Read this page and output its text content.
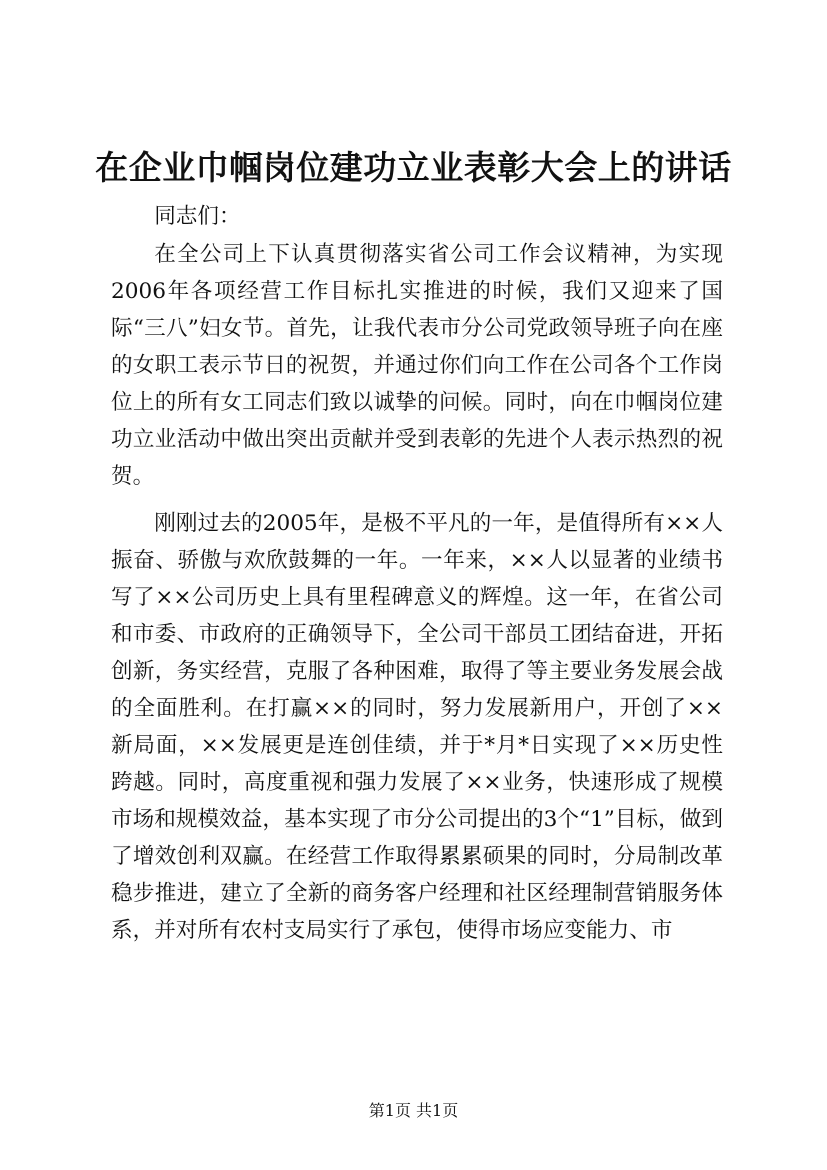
在企业巾帼岗位建功立业表彰大会上的讲话

同志们：

在全公司上下认真贯彻落实省公司工作会议精神，为实现2006年各项经营工作目标扎实推进的时候，我们又迎来了国际“三八”妇女节。首先，让我代表市分公司党政领导班子向在座的女职工表示节日的祝贺，并通过你们向工作在公司各个工作岗位上的所有女工同志们致以诚挚的问候。同时，向在巾帼岗位建功立业活动中做出突出贡献并受到表彰的先进个人表示热烈的祝贺。

刚刚过去的2005年，是极不平凡的一年，是值得所有××人振奋、骄傲与欢欣鼓舞的一年。一年来，××人以显著的业绩书写了××公司历史上具有里程碑意义的辉煌。这一年，在省公司和市委、市政府的正确领导下，全公司干部员工团结奋进，开拓创新，务实经营，克服了各种困难，取得了等主要业务发展会战的全面胜利。在打赢××的同时，努力发展新用户，开创了××新局面，××发展更是连创佳绩，并于*月*日实现了××历史性跨越。同时，高度重视和强力发展了××业务，快速形成了规模市场和规模效益，基本实现了市分公司提出的3个“1”目标，做到了增效创利双赢。在经营工作取得累累硕果的同时，分局制改革稳步推进，建立了全新的商务客户经理和社区经理制营销服务体系，并对所有农村支局实行了承包，使得市场应变能力、市

第1页 共1页
